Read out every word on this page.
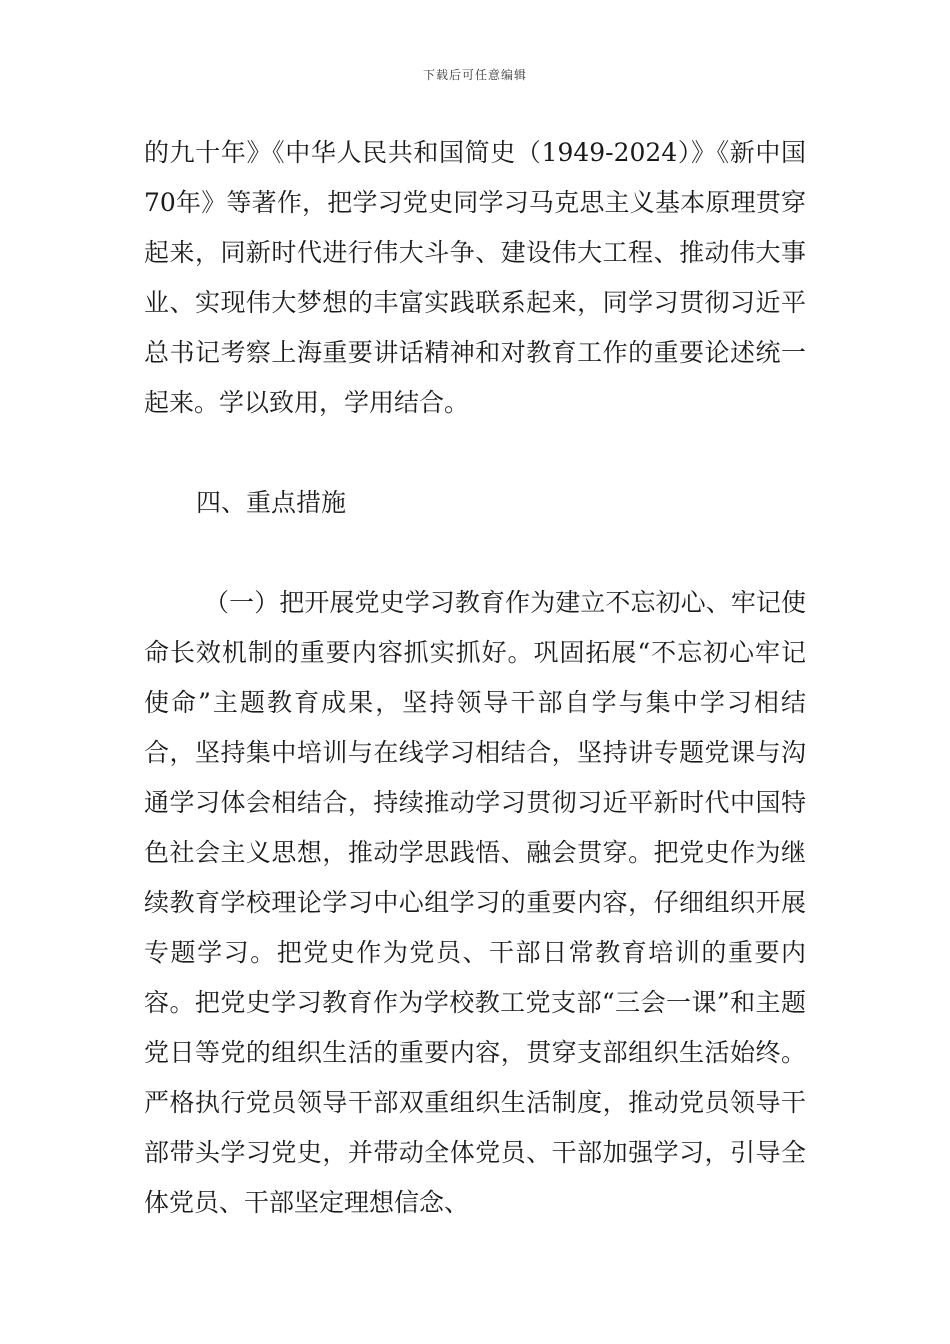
下载后可任意编辑

的九十年》《中华人民共和国简史（1949-2024）》《新中国70年》等著作，把学习党史同学习马克思主义基本原理贯穿起来，同新时代进行伟大斗争、建设伟大工程、推动伟大事业、实现伟大梦想的丰富实践联系起来，同学习贯彻习近平总书记考察上海重要讲话精神和对教育工作的重要论述统一起来。学以致用，学用结合。

四、重点措施

（一）把开展党史学习教育作为建立不忘初心、牢记使命长效机制的重要内容抓实抓好。巩固拓展“不忘初心牢记使命”主题教育成果，坚持领导干部自学与集中学习相结合，坚持集中培训与在线学习相结合，坚持讲专题党课与沟通学习体会相结合，持续推动学习贯彻习近平新时代中国特色社会主义思想，推动学思践悟、融会贯穿。把党史作为继续教育学校理论学习中心组学习的重要内容，仔细组织开展专题学习。把党史作为党员、干部日常教育培训的重要内容。把党史学习教育作为学校教工党支部“三会一课”和主题党日等党的组织生活的重要内容，贯穿支部组织生活始终。严格执行党员领导干部双重组织生活制度，推动党员领导干部带头学习党史，并带动全体党员、干部加强学习，引导全体党员、干部坚定理想信念、
